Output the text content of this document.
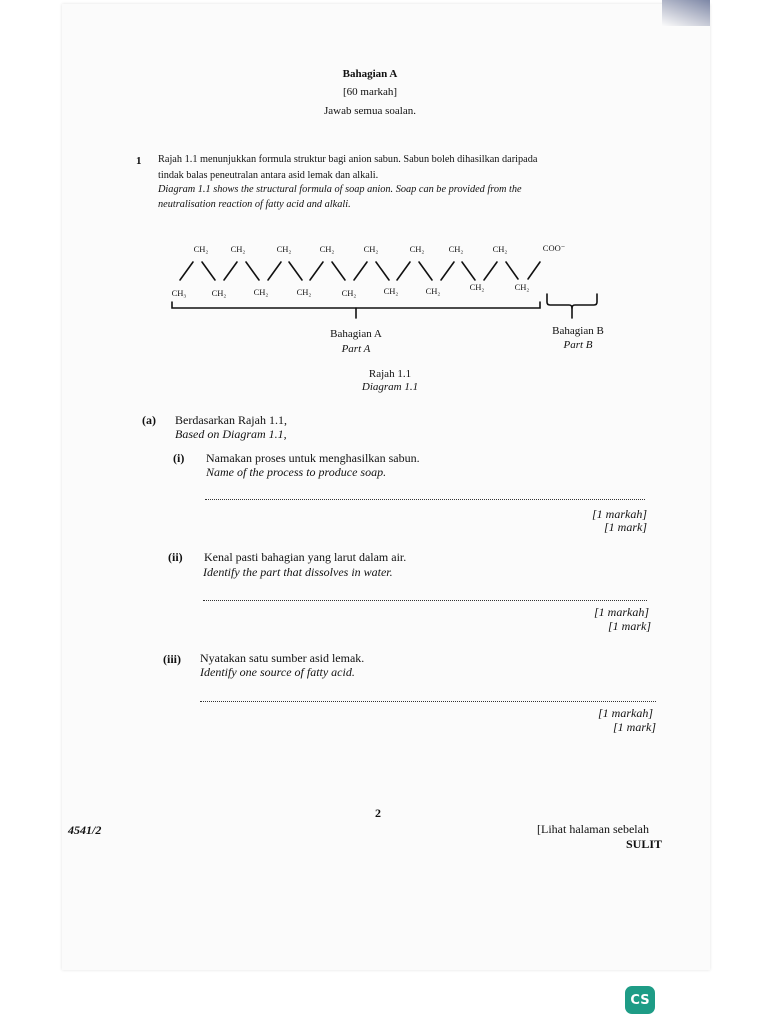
Bahagian A
[60 markah]
Jawab semua soalan.
1 Rajah 1.1 menunjukkan formula struktur bagi anion sabun. Sabun boleh dihasilkan daripada
tindak balas peneutralan antara asid lemak dan alkali.
Diagram 1.1 shows the structural formula of soap anion. Soap can be provided from the
neutralisation reaction of fatty acid and alkali.
CH₂	CH₂	CH₂	CH₂	CH₂	CH₂	CH₂	CH₂	COO⁻
CH₃	CH₂	CH₂	CH₂	CH₂	CH₂	CH₂	CH₂	CH₂
Bahagian A
Part A
Bahagian B
Part B
Rajah 1.1
Diagram 1.1
(a) Berdasarkan Rajah 1.1,
Based on Diagram 1.1,
(i) Namakan proses untuk menghasilkan sabun.
Name of the process to produce soap.
[1 markah]
[1 mark]
(ii) Kenal pasti bahagian yang larut dalam air.
Identify the part that dissolves in water.
[1 markah]
[1 mark]
(iii) Nyatakan satu sumber asid lemak.
Identify one source of fatty acid.
[1 markah]
[1 mark]
2
4541/2	[Lihat halaman sebelah
SULIT
CS
